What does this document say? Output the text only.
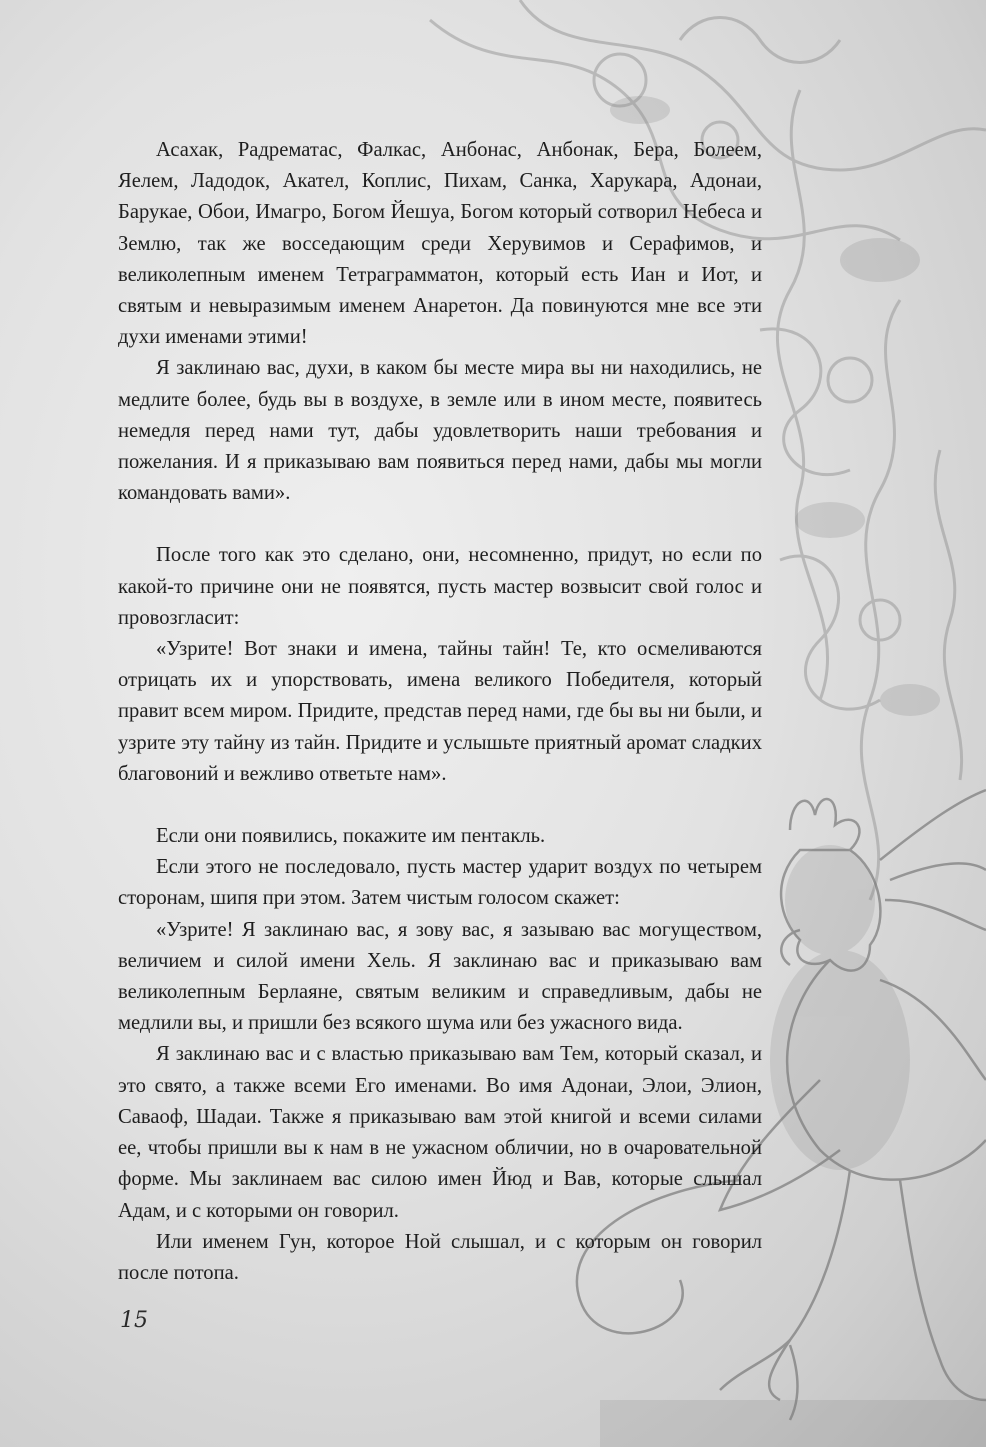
Асахак, Радрематас, Фалкас, Анбонас, Анбонак, Бера, Болеем, Яелем, Ладодок, Акател, Коплис, Пихам, Санка, Харукара, Адонаи, Барукае, Обои, Имагро, Богом Йешуа, Богом который сотворил Небеса и Землю, так же восседающим среди Херувимов и Серафимов, и великолепным именем Тетраграмматон, который есть Иан и Иот, и святым и невыразимым именем Анаретон. Да повинуются мне все эти духи именами этими!

Я заклинаю вас, духи, в каком бы месте мира вы ни находились, не медлите более, будь вы в воздухе, в земле или в ином месте, появитесь немедля перед нами тут, дабы удовлетворить наши требования и пожелания. И я приказываю вам появиться перед нами, дабы мы могли командовать вами».

После того как это сделано, они, несомненно, придут, но если по какой-то причине они не появятся, пусть мастер возвысит свой голос и провозгласит:

«Узрите! Вот знаки и имена, тайны тайн! Те, кто осмеливаются отрицать их и упорствовать, имена великого Победителя, который правит всем миром. Придите, представ перед нами, где бы вы ни были, и узрите эту тайну из тайн. Придите и услышьте приятный аромат сладких благовоний и вежливо ответьте нам».

Если они появились, покажите им пентакль.

Если этого не последовало, пусть мастер ударит воздух по четырем сторонам, шипя при этом. Затем чистым голосом скажет:

«Узрите! Я заклинаю вас, я зову вас, я зазываю вас могуществом, величием и силой имени Хель. Я заклинаю вас и приказываю вам великолепным Берлаяне, святым великим и справедливым, дабы не медлили вы, и пришли без всякого шума или без ужасного вида.

Я заклинаю вас и с властью приказываю вам Тем, который сказал, и это свято, а также всеми Его именами. Во имя Адонаи, Элои, Элион, Саваоф, Шадаи. Также я приказываю вам этой книгой и всеми силами ее, чтобы пришли вы к нам в не ужасном обличии, но в очаровательной форме. Мы заклинаем вас силою имен Йюд и Вав, которые слышал Адам, и с которыми он говорил.

Или именем Гун, которое Ной слышал, и с которым он говорил после потопа.

15
